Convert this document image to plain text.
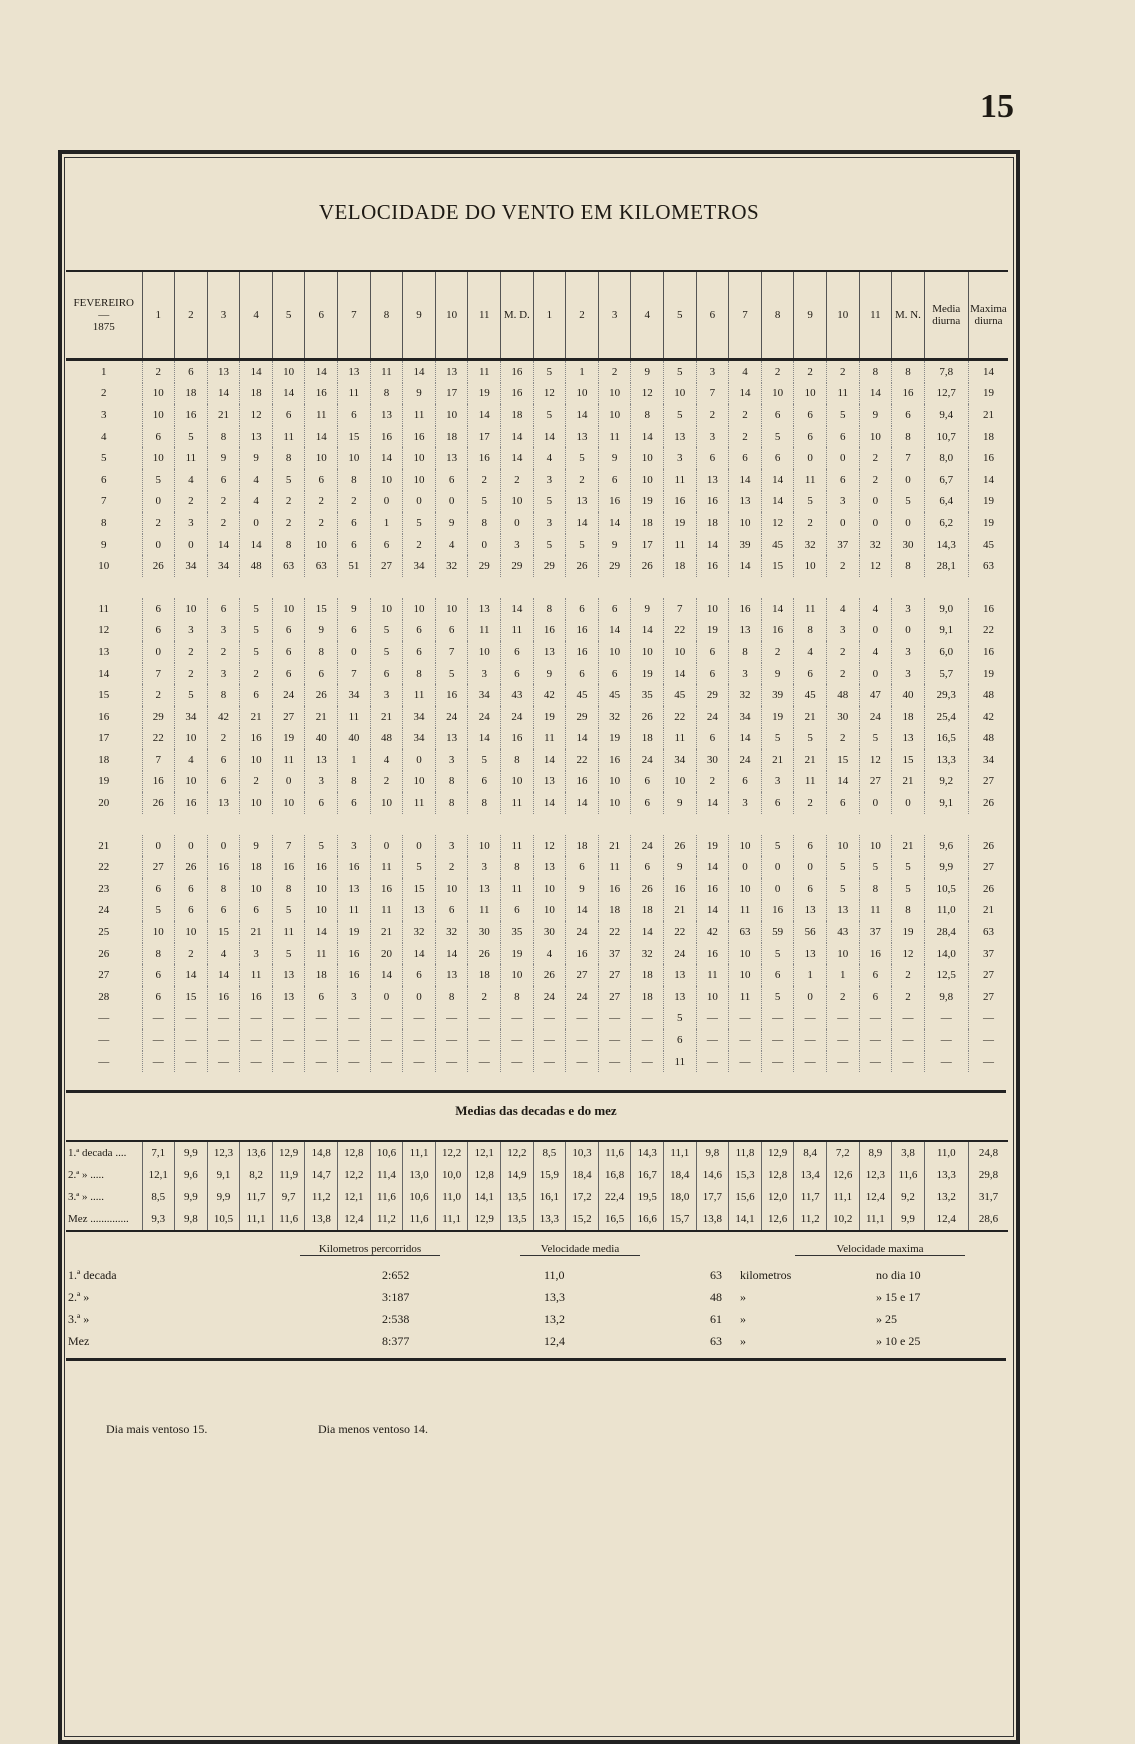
15
VELOCIDADE DO VENTO EM KILOMETROS
FEVEREIRO
—
1875	1	2	3	4	5	6	7	8	9	10	11	M. D.	1	2	3	4	5	6	7	8	9	10	11	M. N.	Media diurna	Maxima diurna
1	2	6	13	14	10	14	13	11	14	13	11	16	5	1	2	9	5	3	4	2	2	2	8	8	7,8	14
2	10	18	14	18	14	16	11	8	9	17	19	16	12	10	10	12	10	7	14	10	10	11	14	16	12,7	19
3	10	16	21	12	6	11	6	13	11	10	14	18	5	14	10	8	5	2	2	6	6	5	9	6	9,4	21
4	6	5	8	13	11	14	15	16	16	18	17	14	14	13	11	14	13	3	2	5	6	6	10	8	10,7	18
5	10	11	9	9	8	10	10	14	10	13	16	14	4	5	9	10	3	6	6	6	0	0	2	7	8,0	16
6	5	4	6	4	5	6	8	10	10	6	2	2	3	2	6	10	11	13	14	14	11	6	2	0	6,7	14
7	0	2	2	4	2	2	2	0	0	0	5	10	5	13	16	19	16	16	13	14	5	3	0	5	6,4	19
8	2	3	2	0	2	2	6	1	5	9	8	0	3	14	14	18	19	18	10	12	2	0	0	0	6,2	19
9	0	0	14	14	8	10	6	6	2	4	0	3	5	5	9	17	11	14	39	45	32	37	32	30	14,3	45
10	26	34	34	48	63	63	51	27	34	32	29	29	29	26	29	26	18	16	14	15	10	2	12	8	28,1	63

11	6	10	6	5	10	15	9	10	10	10	13	14	8	6	6	9	7	10	16	14	11	4	4	3	9,0	16
12	6	3	3	5	6	9	6	5	6	6	11	11	16	16	14	14	22	19	13	16	8	3	0	0	9,1	22
13	0	2	2	5	6	8	0	5	6	7	10	6	13	16	10	10	10	6	8	2	4	2	4	3	6,0	16
14	7	2	3	2	6	6	7	6	8	5	3	6	9	6	6	19	14	6	3	9	6	2	0	3	5,7	19
15	2	5	8	6	24	26	34	3	11	16	34	43	42	45	45	35	45	29	32	39	45	48	47	40	29,3	48
16	29	34	42	21	27	21	11	21	34	24	24	24	19	29	32	26	22	24	34	19	21	30	24	18	25,4	42
17	22	10	2	16	19	40	40	48	34	13	14	16	11	14	19	18	11	6	14	5	5	2	5	13	16,5	48
18	7	4	6	10	11	13	1	4	0	3	5	8	14	22	16	24	34	30	24	21	21	15	12	15	13,3	34
19	16	10	6	2	0	3	8	2	10	8	6	10	13	16	10	6	10	2	6	3	11	14	27	21	9,2	27
20	26	16	13	10	10	6	6	10	11	8	8	11	14	14	10	6	9	14	3	6	2	6	0	0	9,1	26

21	0	0	0	9	7	5	3	0	0	3	10	11	12	18	21	24	26	19	10	5	6	10	10	21	9,6	26
22	27	26	16	18	16	16	16	11	5	2	3	8	13	6	11	6	9	14	0	0	0	5	5	5	9,9	27
23	6	6	8	10	8	10	13	16	15	10	13	11	10	9	16	26	16	16	10	0	6	5	8	5	10,5	26
24	5	6	6	6	5	10	11	11	13	6	11	6	10	14	18	18	21	14	11	16	13	13	11	8	11,0	21
25	10	10	15	21	11	14	19	21	32	32	30	35	30	24	22	14	22	42	63	59	56	43	37	19	28,4	63
26	8	2	4	3	5	11	16	20	14	14	26	19	4	16	37	32	24	16	10	5	13	10	16	12	14,0	37
27	6	14	14	11	13	18	16	14	6	13	18	10	26	27	27	18	13	11	10	6	1	1	6	2	12,5	27
28	6	15	16	16	13	6	3	0	0	8	2	8	24	24	27	18	13	10	11	5	0	2	6	2	9,8	27
—	—	—	—	—	—	—	—	—	—	—	—	—	—	—	—	—	5	—	—	—	—	—	—	—	—	—
—	—	—	—	—	—	—	—	—	—	—	—	—	—	—	—	—	6	—	—	—	—	—	—	—	—	—
—	—	—	—	—	—	—	—	—	—	—	—	—	—	—	—	—	11	—	—	—	—	—	—	—	—	—
Medias das decadas e do mez
1.ª decada ....	7,1	9,9	12,3	13,6	12,9	14,8	12,8	10,6	11,1	12,2	12,1	12,2	8,5	10,3	11,6	14,3	11,1	9,8	11,8	12,9	8,4	7,2	8,9	3,8	11,0	24,8
2.ª » .....	12,1	9,6	9,1	8,2	11,9	14,7	12,2	11,4	13,0	10,0	12,8	14,9	15,9	18,4	16,8	16,7	18,4	14,6	15,3	12,8	13,4	12,6	12,3	11,6	13,3	29,8
3.ª » .....	8,5	9,9	9,9	11,7	9,7	11,2	12,1	11,6	10,6	11,0	14,1	13,5	16,1	17,2	22,4	19,5	18,0	17,7	15,6	12,0	11,7	11,1	12,4	9,2	13,2	31,7
Mez ..............	9,3	9,8	10,5	11,1	11,6	13,8	12,4	11,2	11,6	11,1	12,9	13,5	13,3	15,2	16,5	16,6	15,7	13,8	14,1	12,6	11,2	10,2	11,1	9,9	12,4	28,6
Kilometros percorridos	Velocidade media	Velocidade maxima
1.ª decada	2:652	11,0	63 kilometros	no dia 10
2.ª »	3:187	13,3	48 »	» 15 e 17
3.ª »	2:538	13,2	61 »	» 25
Mez	8:377	12,4	63 »	» 10 e 25
Dia mais ventoso 15.	Dia menos ventoso 14.
